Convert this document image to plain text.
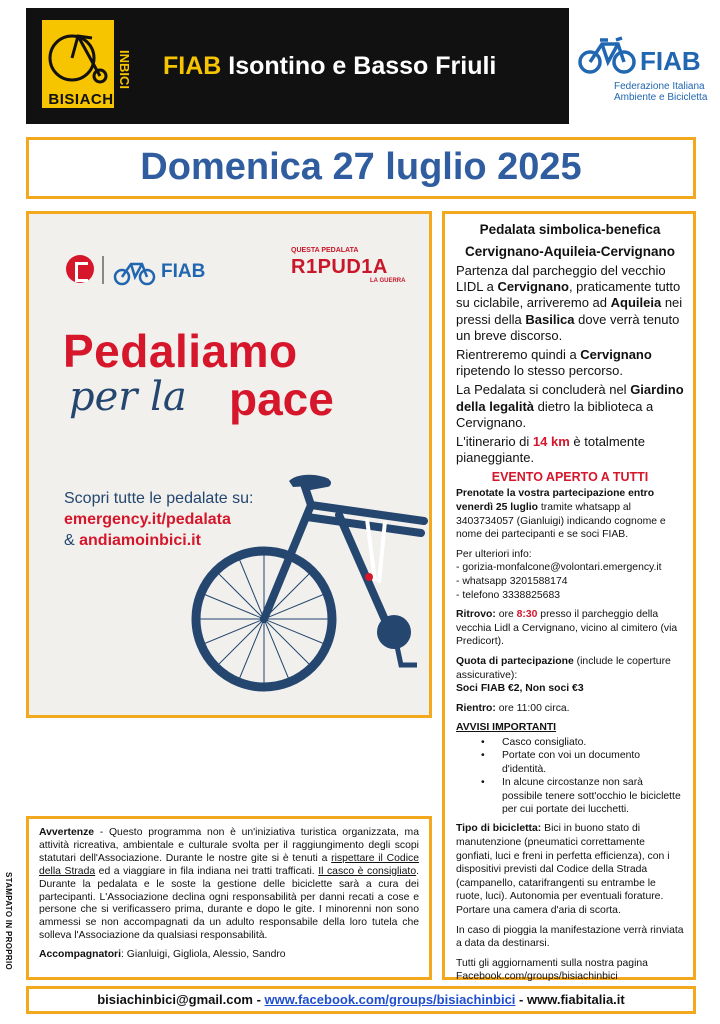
BISIACH
INBICI FIAB Isontino e Basso Friuli	FIAB
Federazione Italiana
Ambiente e Bicicletta
Domenica 27 luglio 2025
FIAB
QUESTA PEDALATA
R1PUD1A
LA GUERRA
Pedaliamo
per la pace
Scopri tutte le pedalate su:
emergency.it/pedalata
& andiamoinbici.it
Pedalata simbolica-benefica
Cervignano-Aquileia-Cervignano

Partenza dal parcheggio del vecchio LIDL a Cervignano, praticamente tutto su ciclabile, arriveremo ad Aquileia nei pressi della Basilica dove verrà tenuto un breve discorso.

Rientreremo quindi a Cervignano ripetendo lo stesso percorso.

La Pedalata si concluderà nel Giardino della legalità dietro la biblioteca a Cervignano.

L'itinerario di 14 km è totalmente pianeggiante.

EVENTO APERTO A TUTTI

Prenotate la vostra partecipazione entro venerdì 25 luglio tramite whatsapp al 3403734057 (Gianluigi) indicando cognome e nome dei partecipanti e se soci FIAB.

Per ulteriori info:
- gorizia-monfalcone@volontari.emergency.it
- whatsapp 3201588174
- telefono 3338825683

Ritrovo: ore 8:30 presso il parcheggio della vecchia Lidl a Cervignano, vicino al cimitero (via Predicort).

Quota di partecipazione (include le coperture assicurative):
Soci FIAB €2, Non soci €3

Rientro: ore 11:00 circa.

AVVISI IMPORTANTI

• Casco consigliato.
• Portate con voi un documento d'identità.
• In alcune circostanze non sarà possibile tenere sott'occhio le biciclette per cui portate dei lucchetti.

Tipo di bicicletta: Bici in buono stato di manutenzione (pneumatici correttamente gonfiati, luci e freni in perfetta efficienza), con i dispositivi previsti dal Codice della Strada (campanello, catarifrangenti su entrambe le ruote, luci). Autonomia per eventuali forature. Portare una camera d'aria di scorta.

In caso di pioggia la manifestazione verrà rinviata a data da destinarsi.

Tutti gli aggiornamenti sulla nostra pagina Facebook.com/groups/bisiachinbici

Avvertenze - Questo programma non è un'iniziativa turistica organizzata, ma attività ricreativa, ambientale e culturale svolta per il raggiungimento degli scopi statutari dell'Associazione. Durante le nostre gite si è tenuti a rispettare il Codice della Strada ed a viaggiare in fila indiana nei tratti trafficati. Il casco è consigliato. Durante la pedalata e le soste la gestione delle biciclette sarà a cura dei partecipanti. L'Associazione declina ogni responsabilità per danni recati a cose e persone che si verificassero prima, durante e dopo le gite. I minorenni non sono ammessi se non accompagnati da un adulto responsabile della loro tutela che solleva l'Associazione da qualsiasi responsabilità.
Accompagnatori: Gianluigi, Gigliola, Alessio, Sandro
STAMPATO IN PROPRIO
bisiachinbici@gmail.com - www.facebook.com/groups/bisiachinbici - www.fiabitalia.it
